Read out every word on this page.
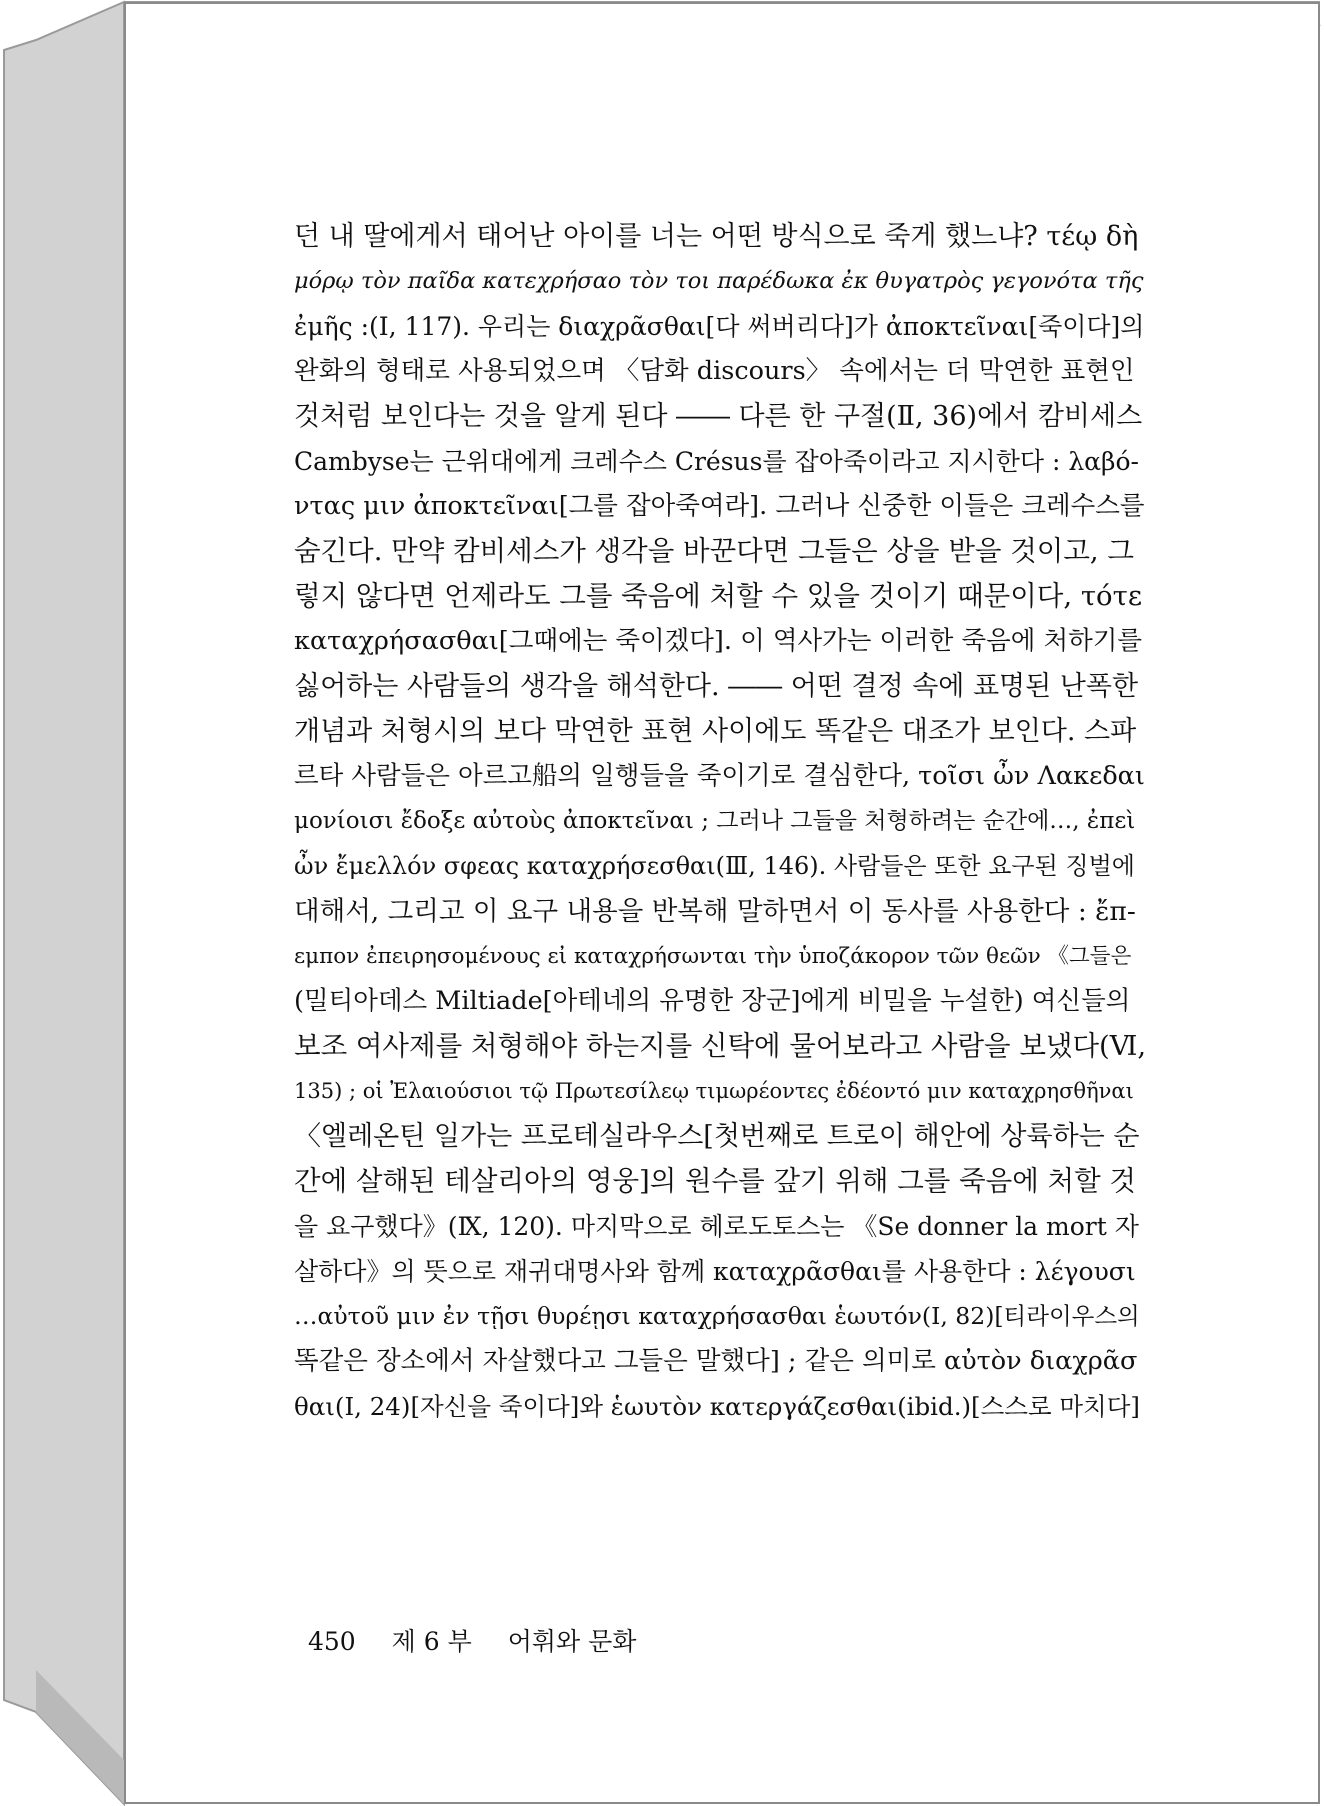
던 내 딸에게서 태어난 아이를 너는 어떤 방식으로 죽게 했느냐? τέῳ δὴ
μόρῳ τὸν παῖδα κατεχρήσαο τὸν τοι παρέδωκα ἐκ θυγατρὸς γεγονότα τῆς
ἐμῆς :(Ⅰ, 117). 우리는 διαχρᾶσθαι[다 써버리다]가 ἀποκτεῖναι[죽이다]의
완화의 형태로 사용되었으며 〈담화 discours〉 속에서는 더 막연한 표현인
것처럼 보인다는 것을 알게 된다 ―― 다른 한 구절(Ⅱ, 36)에서 캄비세스
Cambyse는 근위대에게 크레수스 Crésus를 잡아죽이라고 지시한다 : λαβό-
ντας μιν ἀποκτεῖναι[그를 잡아죽여라]. 그러나 신중한 이들은 크레수스를
숨긴다. 만약 캄비세스가 생각을 바꾼다면 그들은 상을 받을 것이고, 그
렇지 않다면 언제라도 그를 죽음에 처할 수 있을 것이기 때문이다, τότε
καταχρήσασθαι[그때에는 죽이겠다]. 이 역사가는 이러한 죽음에 처하기를
싫어하는 사람들의 생각을 해석한다. ―― 어떤 결정 속에 표명된 난폭한
개념과 처형시의 보다 막연한 표현 사이에도 똑같은 대조가 보인다. 스파
르타 사람들은 아르고船의 일행들을 죽이기로 결심한다, τοῖσι ὦν Λακεδαι
μονίοισι ἔδοξε αὐτοὺς ἀποκτεῖναι ; 그러나 그들을 처형하려는 순간에…, ἐπεὶ
ὦν ἔμελλόν σφεας καταχρήσεσθαι(Ⅲ, 146). 사람들은 또한 요구된 징벌에
대해서, 그리고 이 요구 내용을 반복해 말하면서 이 동사를 사용한다 : ἔπ-
εμπον ἐπειρησομένους εἰ καταχρήσωνται τὴν ὑποζάκορον τῶν θεῶν 《그들은
(밀티아데스 Miltiade[아테네의 유명한 장군]에게 비밀을 누설한) 여신들의
보조 여사제를 처형해야 하는지를 신탁에 물어보라고 사람을 보냈다(Ⅵ,
135) ; οἱ Ἐλαιούσιοι τῷ Πρωτεσίλεῳ τιμωρέοντες ἐδέοντό μιν καταχρησθῆναι
〈엘레온틴 일가는 프로테실라우스[첫번째로 트로이 해안에 상륙하는 순
간에 살해된 테살리아의 영웅]의 원수를 갚기 위해 그를 죽음에 처할 것
을 요구했다》(Ⅸ, 120). 마지막으로 헤로도토스는 《Se donner la mort 자
살하다》의 뜻으로 재귀대명사와 함께 καταχρᾶσθαι를 사용한다 : λέγουσι
…αὐτοῦ μιν ἐν τῇσι θυρέῃσι καταχρήσασθαι ἑωυτόν(Ⅰ, 82)[티라이우스의
똑같은 장소에서 자살했다고 그들은 말했다] ; 같은 의미로 αὐτὸν διαχρᾶσ
θαι(Ⅰ, 24)[자신을 죽이다]와 ἑωυτὸν κατεργάζεσθαι(ibid.)[스스로 마치다]
450 제 6 부 어휘와 문화
